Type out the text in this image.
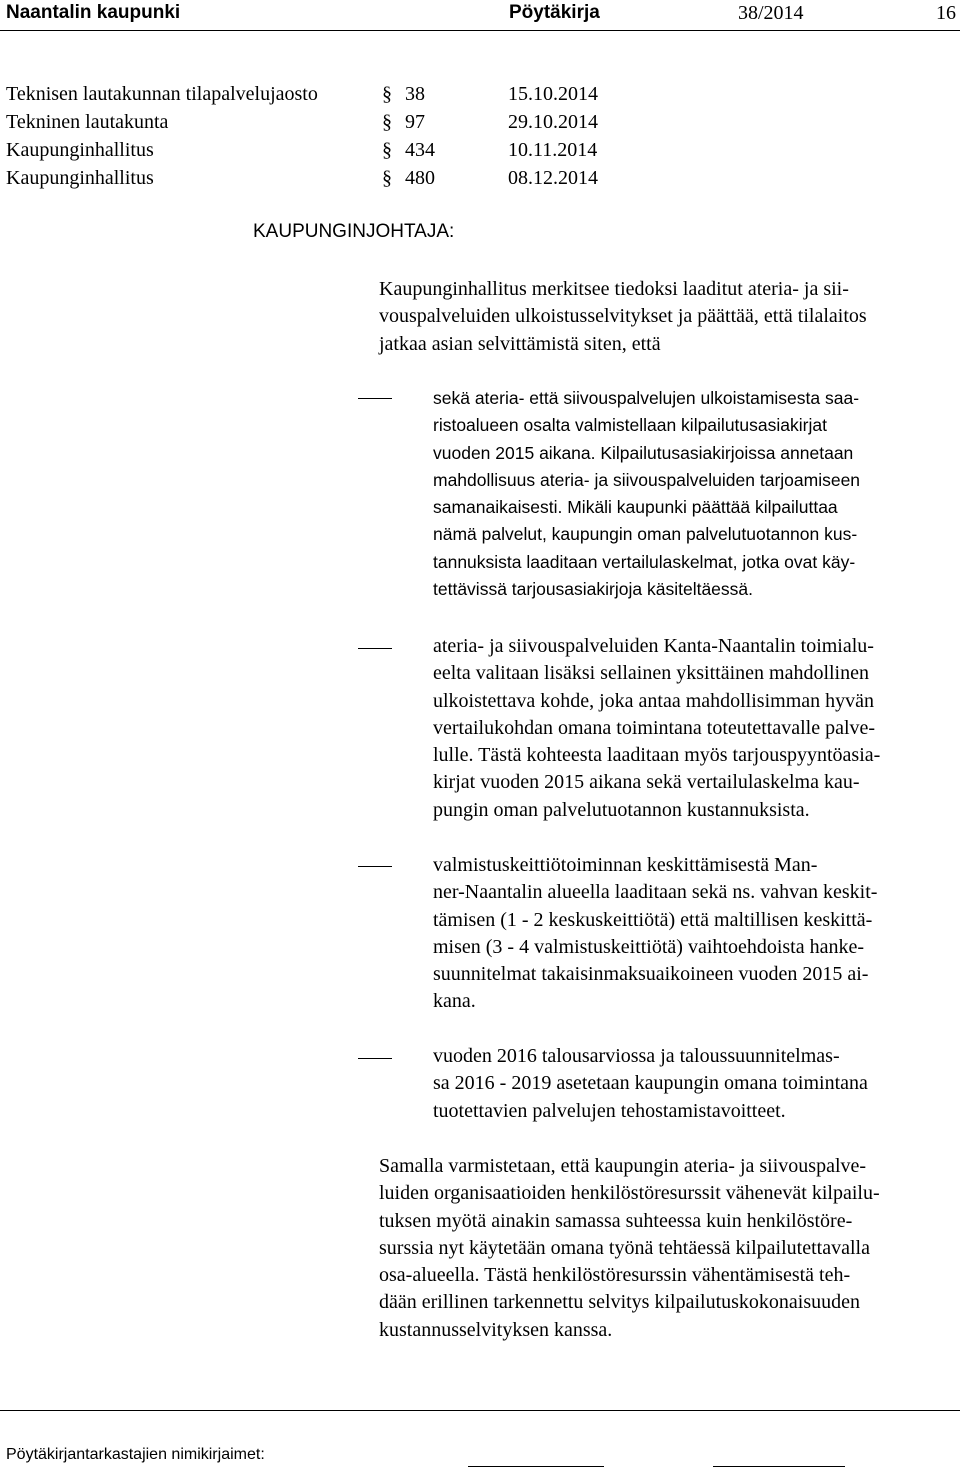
Naantalin kaupunki	Pöytäkirja	38/2014	16
Teknisen lautakunnan tilapalvelujaosto	§ 38	15.10.2014
Tekninen lautakunta	§ 97	29.10.2014
Kaupunginhallitus	§ 434	10.11.2014
Kaupunginhallitus	§ 480	08.12.2014
KAUPUNGINJOHTAJA:
Kaupunginhallitus merkitsee tiedoksi laaditut ateria- ja sii-
vouspalveluiden ulkoistusselvitykset ja päättää, että tilalaitos
jatkaa asian selvittämistä siten, että
sekä ateria- että siivouspalvelujen ulkoistamisesta saa-
ristoalueen osalta valmistellaan kilpailutusasiakirjat
vuoden 2015 aikana. Kilpailutusasiakirjoissa annetaan
mahdollisuus ateria- ja siivouspalveluiden tarjoamiseen
samanaikaisesti. Mikäli kaupunki päättää kilpailuttaa
nämä palvelut, kaupungin oman palvelutuotannon kus-
tannuksista laaditaan vertailulaskelmat, jotka ovat käy-
tettävissä tarjousasiakirjoja käsiteltäessä.
ateria- ja siivouspalveluiden Kanta-Naantalin toimialu-
eelta valitaan lisäksi sellainen yksittäinen mahdollinen
ulkoistettava kohde, joka antaa mahdollisimman hyvän
vertailukohdan omana toimintana toteutettavalle palve-
lulle. Tästä kohteesta laaditaan myös tarjouspyyntöasia-
kirjat vuoden 2015 aikana sekä vertailulaskelma kau-
pungin oman palvelutuotannon kustannuksista.
valmistuskeittiötoiminnan keskittämisestä Man-
ner-Naantalin alueella laaditaan sekä ns. vahvan keskit-
tämisen (1 - 2 keskuskeittiötä) että maltillisen keskittä-
misen (3 - 4 valmistuskeittiötä) vaihtoehdoista hanke-
suunnitelmat takaisinmaksuaikoineen vuoden 2015 ai-
kana.
vuoden 2016 talousarviossa ja taloussuunnitelmas-
sa 2016 - 2019 asetetaan kaupungin omana toimintana
tuotettavien palvelujen tehostamistavoitteet.
Samalla varmistetaan, että kaupungin ateria- ja siivouspalve-
luiden organisaatioiden henkilöstöresurssit vähenevät kilpailu-
tuksen myötä ainakin samassa suhteessa kuin henkilöstöre-
surssia nyt käytetään omana työnä tehtäessä kilpailutettavalla
osa-alueella. Tästä henkilöstöresurssin vähentämisestä teh-
dään erillinen tarkennettu selvitys kilpailutuskokonaisuuden
kustannusselvityksen kanssa.
Pöytäkirjantarkastajien nimikirjaimet:
